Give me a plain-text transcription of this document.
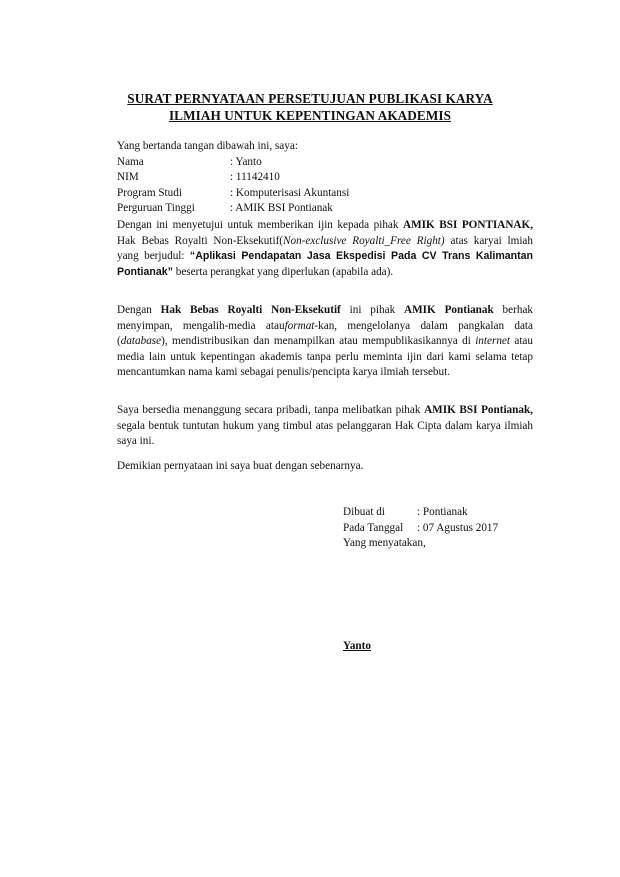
SURAT PERNYATAAN PERSETUJUAN PUBLIKASI KARYA
ILMIAH UNTUK KEPENTINGAN AKADEMIS
Yang bertanda tangan dibawah ini, saya:
Nama	: Yanto
NIM	: 11142410
Program Studi	: Komputerisasi Akuntansi
Perguruan Tinggi	: AMIK BSI Pontianak
Dengan ini menyetujui untuk memberikan ijin kepada pihak AMIK BSI PONTIANAK, Hak Bebas Royalti Non-Eksekutif(Non-exclusive Royalti_Free Right) atas karyai lmiah yang berjudul: “Aplikasi Pendapatan Jasa Ekspedisi Pada CV Trans Kalimantan Pontianak” beserta perangkat yang diperlukan (apabila ada).
Dengan Hak Bebas Royalti Non-Eksekutif ini pihak AMIK Pontianak berhak menyimpan, mengalih-media atauformat-kan, mengelolanya dalam pangkalan data (database), mendistribusikan dan menampilkan atau mempublikasikannya di internet atau media lain untuk kepentingan akademis tanpa perlu meminta ijin dari kami selama tetap mencantumkan nama kami sebagai penulis/pencipta karya ilmiah tersebut.
Saya bersedia menanggung secara pribadi, tanpa melibatkan pihak AMIK BSI Pontianak, segala bentuk tuntutan hukum yang timbul atas pelanggaran Hak Cipta dalam karya ilmiah saya ini.
Demikian pernyataan ini saya buat dengan sebenarnya.
Dibuat di	: Pontianak
Pada Tanggal	: 07 Agustus 2017
Yang menyatakan,
Yanto
